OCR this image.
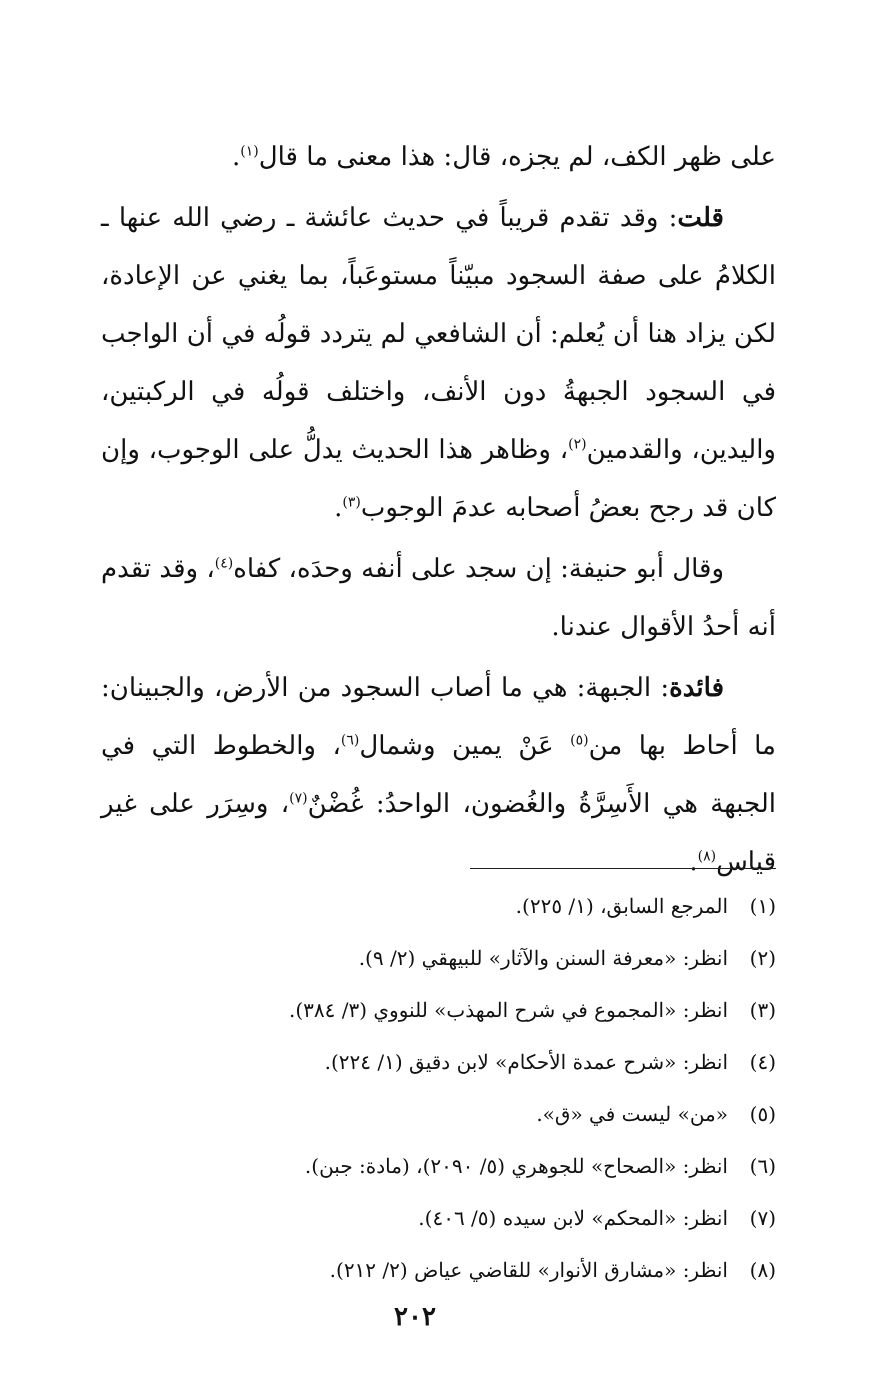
على ظهر الكف، لم يجزه، قال: هذا معنى ما قال$^{(١)}$.

قلت: وقد تقدم قريباً في حديث عائشة ـ رضي الله عنها ـ الكلامُ على صفة السجود مبيّناً مستوعَباً، بما يغني عن الإعادة، لكن يزاد هنا أن يُعلم: أن الشافعي لم يتردد قولُه في أن الواجب في السجود الجبهةُ دون الأنف، واختلف قولُه في الركبتين، واليدين، والقدمين$^{(٢)}$، وظاهر هذا الحديث يدلُّ على الوجوب، وإن كان قد رجح بعضُ أصحابه عدمَ الوجوب$^{(٣)}$.

وقال أبو حنيفة: إن سجد على أنفه وحدَه، كفاه$^{(٤)}$، وقد تقدم أنه أحدُ الأقوال عندنا.

فائدة: الجبهة: هي ما أصاب السجود من الأرض، والجبينان: ما أحاط بها من$^{(٥)}$ عَنْ يمين وشمال$^{(٦)}$، والخطوط التي في الجبهة هي الأَسِرَّةُ والغُضون، الواحدُ: غُضْنٌ$^{(٧)}$، وسِرَر على غير قياس$^{(٨)}$.

(١)
المرجع السابق، (١/ ٢٢٥).
(٢)
انظر: «معرفة السنن والآثار» للبيهقي (٢/ ٩).
(٣)
انظر: «المجموع في شرح المهذب» للنووي (٣/ ٣٨٤).
(٤)
انظر: «شرح عمدة الأحكام» لابن دقيق (١/ ٢٢٤).
(٥)
«من» ليست في «ق».
(٦)
انظر: «الصحاح» للجوهري (٥/ ٢٠٩٠)، (مادة: جبن).
(٧)
انظر: «المحكم» لابن سيده (٥/ ٤٠٦).
(٨)
انظر: «مشارق الأنوار» للقاضي عياض (٢/ ٢١٢).
٢٠٢
